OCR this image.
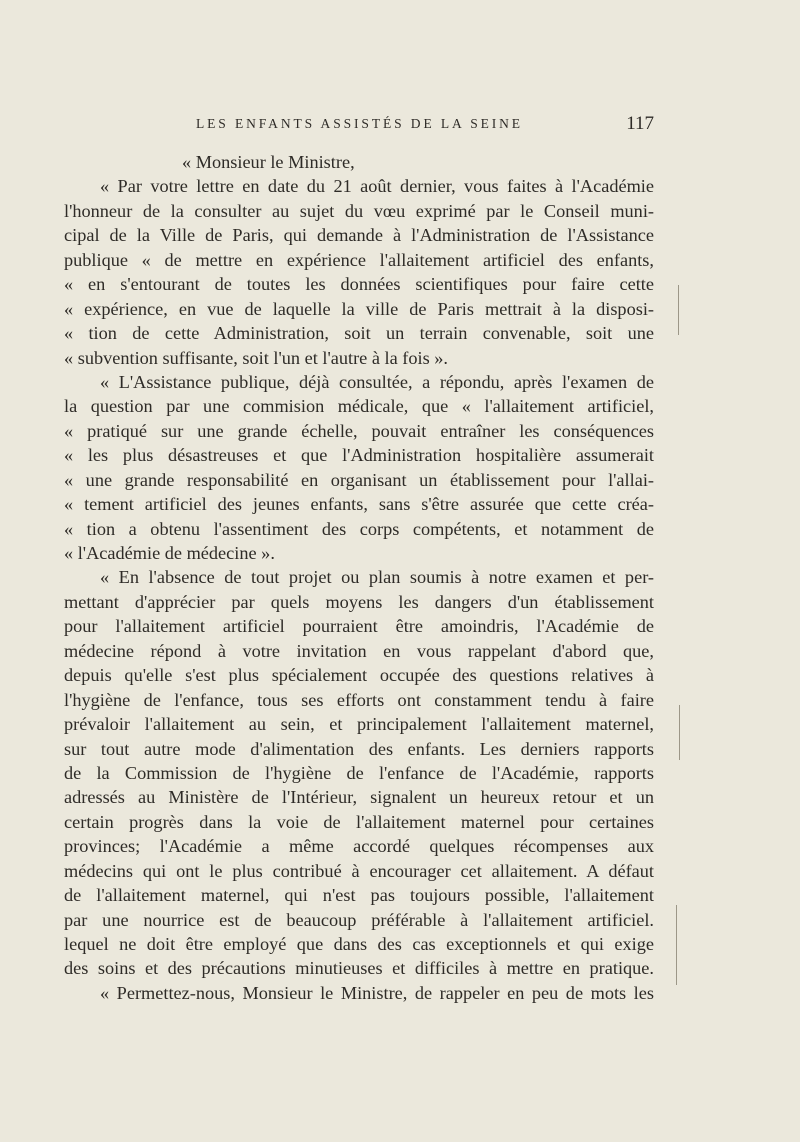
LES ENFANTS ASSISTÉS DE LA SEINE	117
« Monsieur le Ministre,
« Par votre lettre en date du 21 août dernier, vous faites à l'Académie
l'honneur de la consulter au sujet du vœu exprimé par le Conseil muni-
cipal de la Ville de Paris, qui demande à l'Administration de l'Assistance
publique « de mettre en expérience l'allaitement artificiel des enfants,
« en s'entourant de toutes les données scientifiques pour faire cette
« expérience, en vue de laquelle la ville de Paris mettrait à la disposi-
« tion de cette Administration, soit un terrain convenable, soit une
« subvention suffisante, soit l'un et l'autre à la fois ».
« L'Assistance publique, déjà consultée, a répondu, après l'examen de
la question par une commision médicale, que « l'allaitement artificiel,
« pratiqué sur une grande échelle, pouvait entraîner les conséquences
« les plus désastreuses et que l'Administration hospitalière assumerait
« une grande responsabilité en organisant un établissement pour l'allai-
« tement artificiel des jeunes enfants, sans s'être assurée que cette créa-
« tion a obtenu l'assentiment des corps compétents, et notamment de
« l'Académie de médecine ».
« En l'absence de tout projet ou plan soumis à notre examen et per-
mettant d'apprécier par quels moyens les dangers d'un établissement
pour l'allaitement artificiel pourraient être amoindris, l'Académie de
médecine répond à votre invitation en vous rappelant d'abord que,
depuis qu'elle s'est plus spécialement occupée des questions relatives à
l'hygiène de l'enfance, tous ses efforts ont constamment tendu à faire
prévaloir l'allaitement au sein, et principalement l'allaitement maternel,
sur tout autre mode d'alimentation des enfants. Les derniers rapports
de la Commission de l'hygiène de l'enfance de l'Académie, rapports
adressés au Ministère de l'Intérieur, signalent un heureux retour et un
certain progrès dans la voie de l'allaitement maternel pour certaines
provinces; l'Académie a même accordé quelques récompenses aux
médecins qui ont le plus contribué à encourager cet allaitement. A défaut
de l'allaitement maternel, qui n'est pas toujours possible, l'allaitement
par une nourrice est de beaucoup préférable à l'allaitement artificiel.
lequel ne doit être employé que dans des cas exceptionnels et qui exige
des soins et des précautions minutieuses et difficiles à mettre en pratique.
« Permettez-nous, Monsieur le Ministre, de rappeler en peu de mots les
